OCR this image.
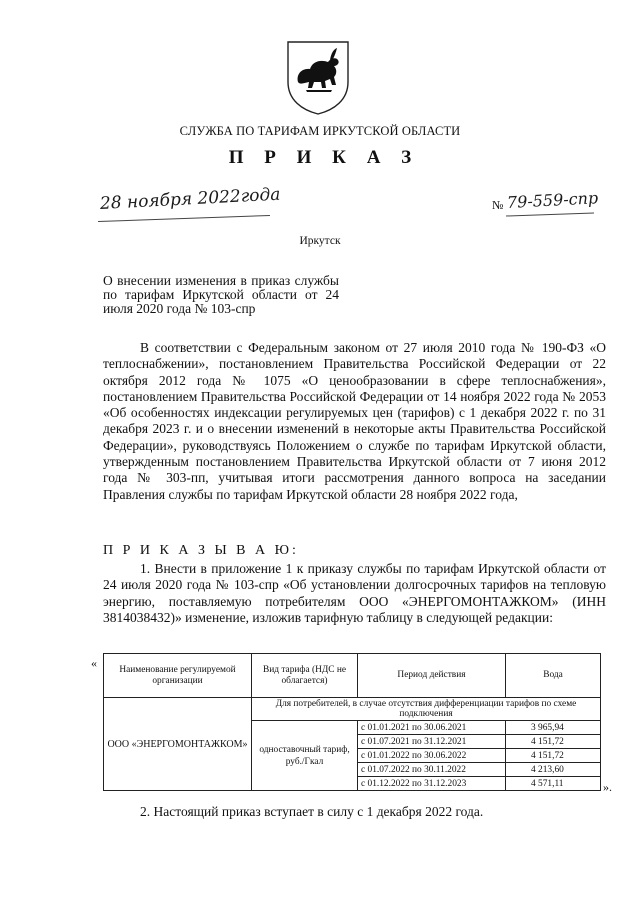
СЛУЖБА ПО ТАРИФАМ ИРКУТСКОЙ ОБЛАСТИ
П Р И К А З
28 ноября 2022года	№ 79-559-спр
Иркутск
О внесении изменения в приказ службы по тарифам Иркутской области от 24 июля 2020 года № 103-спр
В соответствии с Федеральным законом от 27 июля 2010 года № 190-ФЗ «О теплоснабжении», постановлением Правительства Российской Федерации от 22 октября 2012 года № 1075 «О ценообразовании в сфере теплоснабжения», постановлением Правительства Российской Федерации от 14 ноября 2022 года № 2053 «Об особенностях индексации регулируемых цен (тарифов) с 1 декабря 2022 г. по 31 декабря 2023 г. и о внесении изменений в некоторые акты Правительства Российской Федерации», руководствуясь Положением о службе по тарифам Иркутской области, утвержденным постановлением Правительства Иркутской области от 7 июня 2012 года № 303-пп, учитывая итоги рассмотрения данного вопроса на заседании Правления службы по тарифам Иркутской области 28 ноября 2022 года,
П Р И К А З Ы В А Ю:
1. Внести в приложение 1 к приказу службы по тарифам Иркутской области от 24 июля 2020 года № 103-спр «Об установлении долгосрочных тарифов на тепловую энергию, поставляемую потребителям ООО «ЭНЕРГОМОНТАЖКОМ» (ИНН 3814038432)» изменение, изложив тарифную таблицу в следующей редакции:
« Наименование регулируемой организации	Вид тарифа (НДС не облагается)	Период действия	Вода
ООО «ЭНЕРГОМОНТАЖКОМ»	Для потребителей, в случае отсутствия дифференциации тарифов по схеме подключения		
	одноставочный тариф, руб./Гкал	с 01.01.2021 по 30.06.2021	3 965,94
		с 01.07.2021 по 31.12.2021	4 151,72
		с 01.01.2022 по 30.06.2022	4 151,72
		с 01.07.2022 по 30.11.2022	4 213,60
		с 01.12.2022 по 31.12.2023	4 571,11	».
2. Настоящий приказ вступает в силу с 1 декабря 2022 года.
